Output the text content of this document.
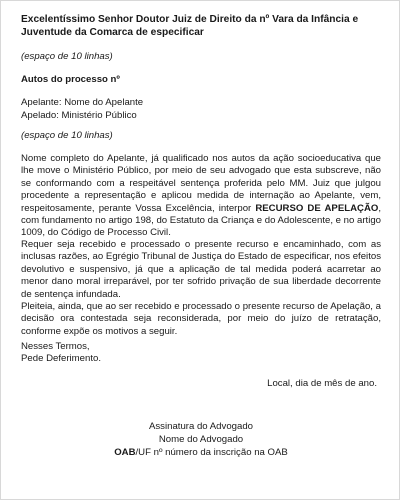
Excelentíssimo Senhor Doutor Juiz de Direito da nº Vara da Infância e Juventude da Comarca de especificar
(espaço de 10 linhas)
Autos do processo nº
Apelante: Nome do Apelante
Apelado: Ministério Público
(espaço de 10 linhas)
Nome completo do Apelante, já qualificado nos autos da ação socioeducativa que lhe move o Ministério Público, por meio de seu advogado que esta subscreve, não se conformando com a respeitável sentença proferida pelo MM. Juiz que julgou procedente a representação e aplicou medida de internação ao Apelante, vem, respeitosamente, perante Vossa Excelência, interpor RECURSO DE APELAÇÃO, com fundamento no artigo 198, do Estatuto da Criança e do Adolescente, e no artigo 1009, do Código de Processo Civil.
Requer seja recebido e processado o presente recurso e encaminhado, com as inclusas razões, ao Egrégio Tribunal de Justiça do Estado de especificar, nos efeitos devolutivo e suspensivo, já que a aplicação de tal medida poderá acarretar ao menor dano moral irreparável, por ter sofrido privação de sua liberdade decorrente de sentença infundada.
Pleiteia, ainda, que ao ser recebido e processado o presente recurso de Apelação, a decisão ora contestada seja reconsiderada, por meio do juízo de retratação, conforme expõe os motivos a seguir.
Nesses Termos,
Pede Deferimento.
Local, dia de mês de ano.
Assinatura do Advogado
Nome do Advogado
OAB/UF nº número da inscrição na OAB
